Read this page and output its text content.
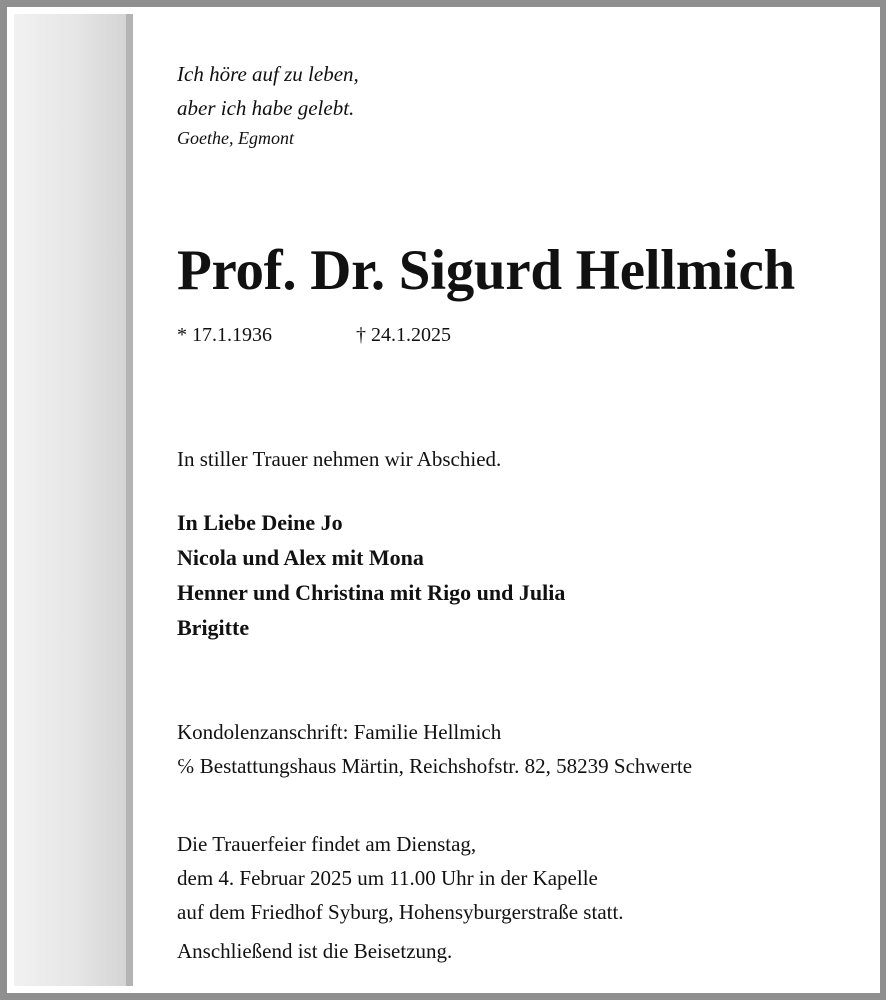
Ich höre auf zu leben,
aber ich habe gelebt.
Goethe, Egmont
Prof. Dr. Sigurd Hellmich
* 17.1.1936	† 24.1.2025
In stiller Trauer nehmen wir Abschied.
In Liebe Deine Jo
Nicola und Alex mit Mona
Henner und Christina mit Rigo und Julia
Brigitte
Kondolenzanschrift: Familie Hellmich
℅ Bestattungshaus Märtin, Reichshofstr. 82, 58239 Schwerte
Die Trauerfeier findet am Dienstag,
dem 4. Februar 2025 um 11.00 Uhr in der Kapelle
auf dem Friedhof Syburg, Hohensyburgerstraße statt.
Anschließend ist die Beisetzung.
